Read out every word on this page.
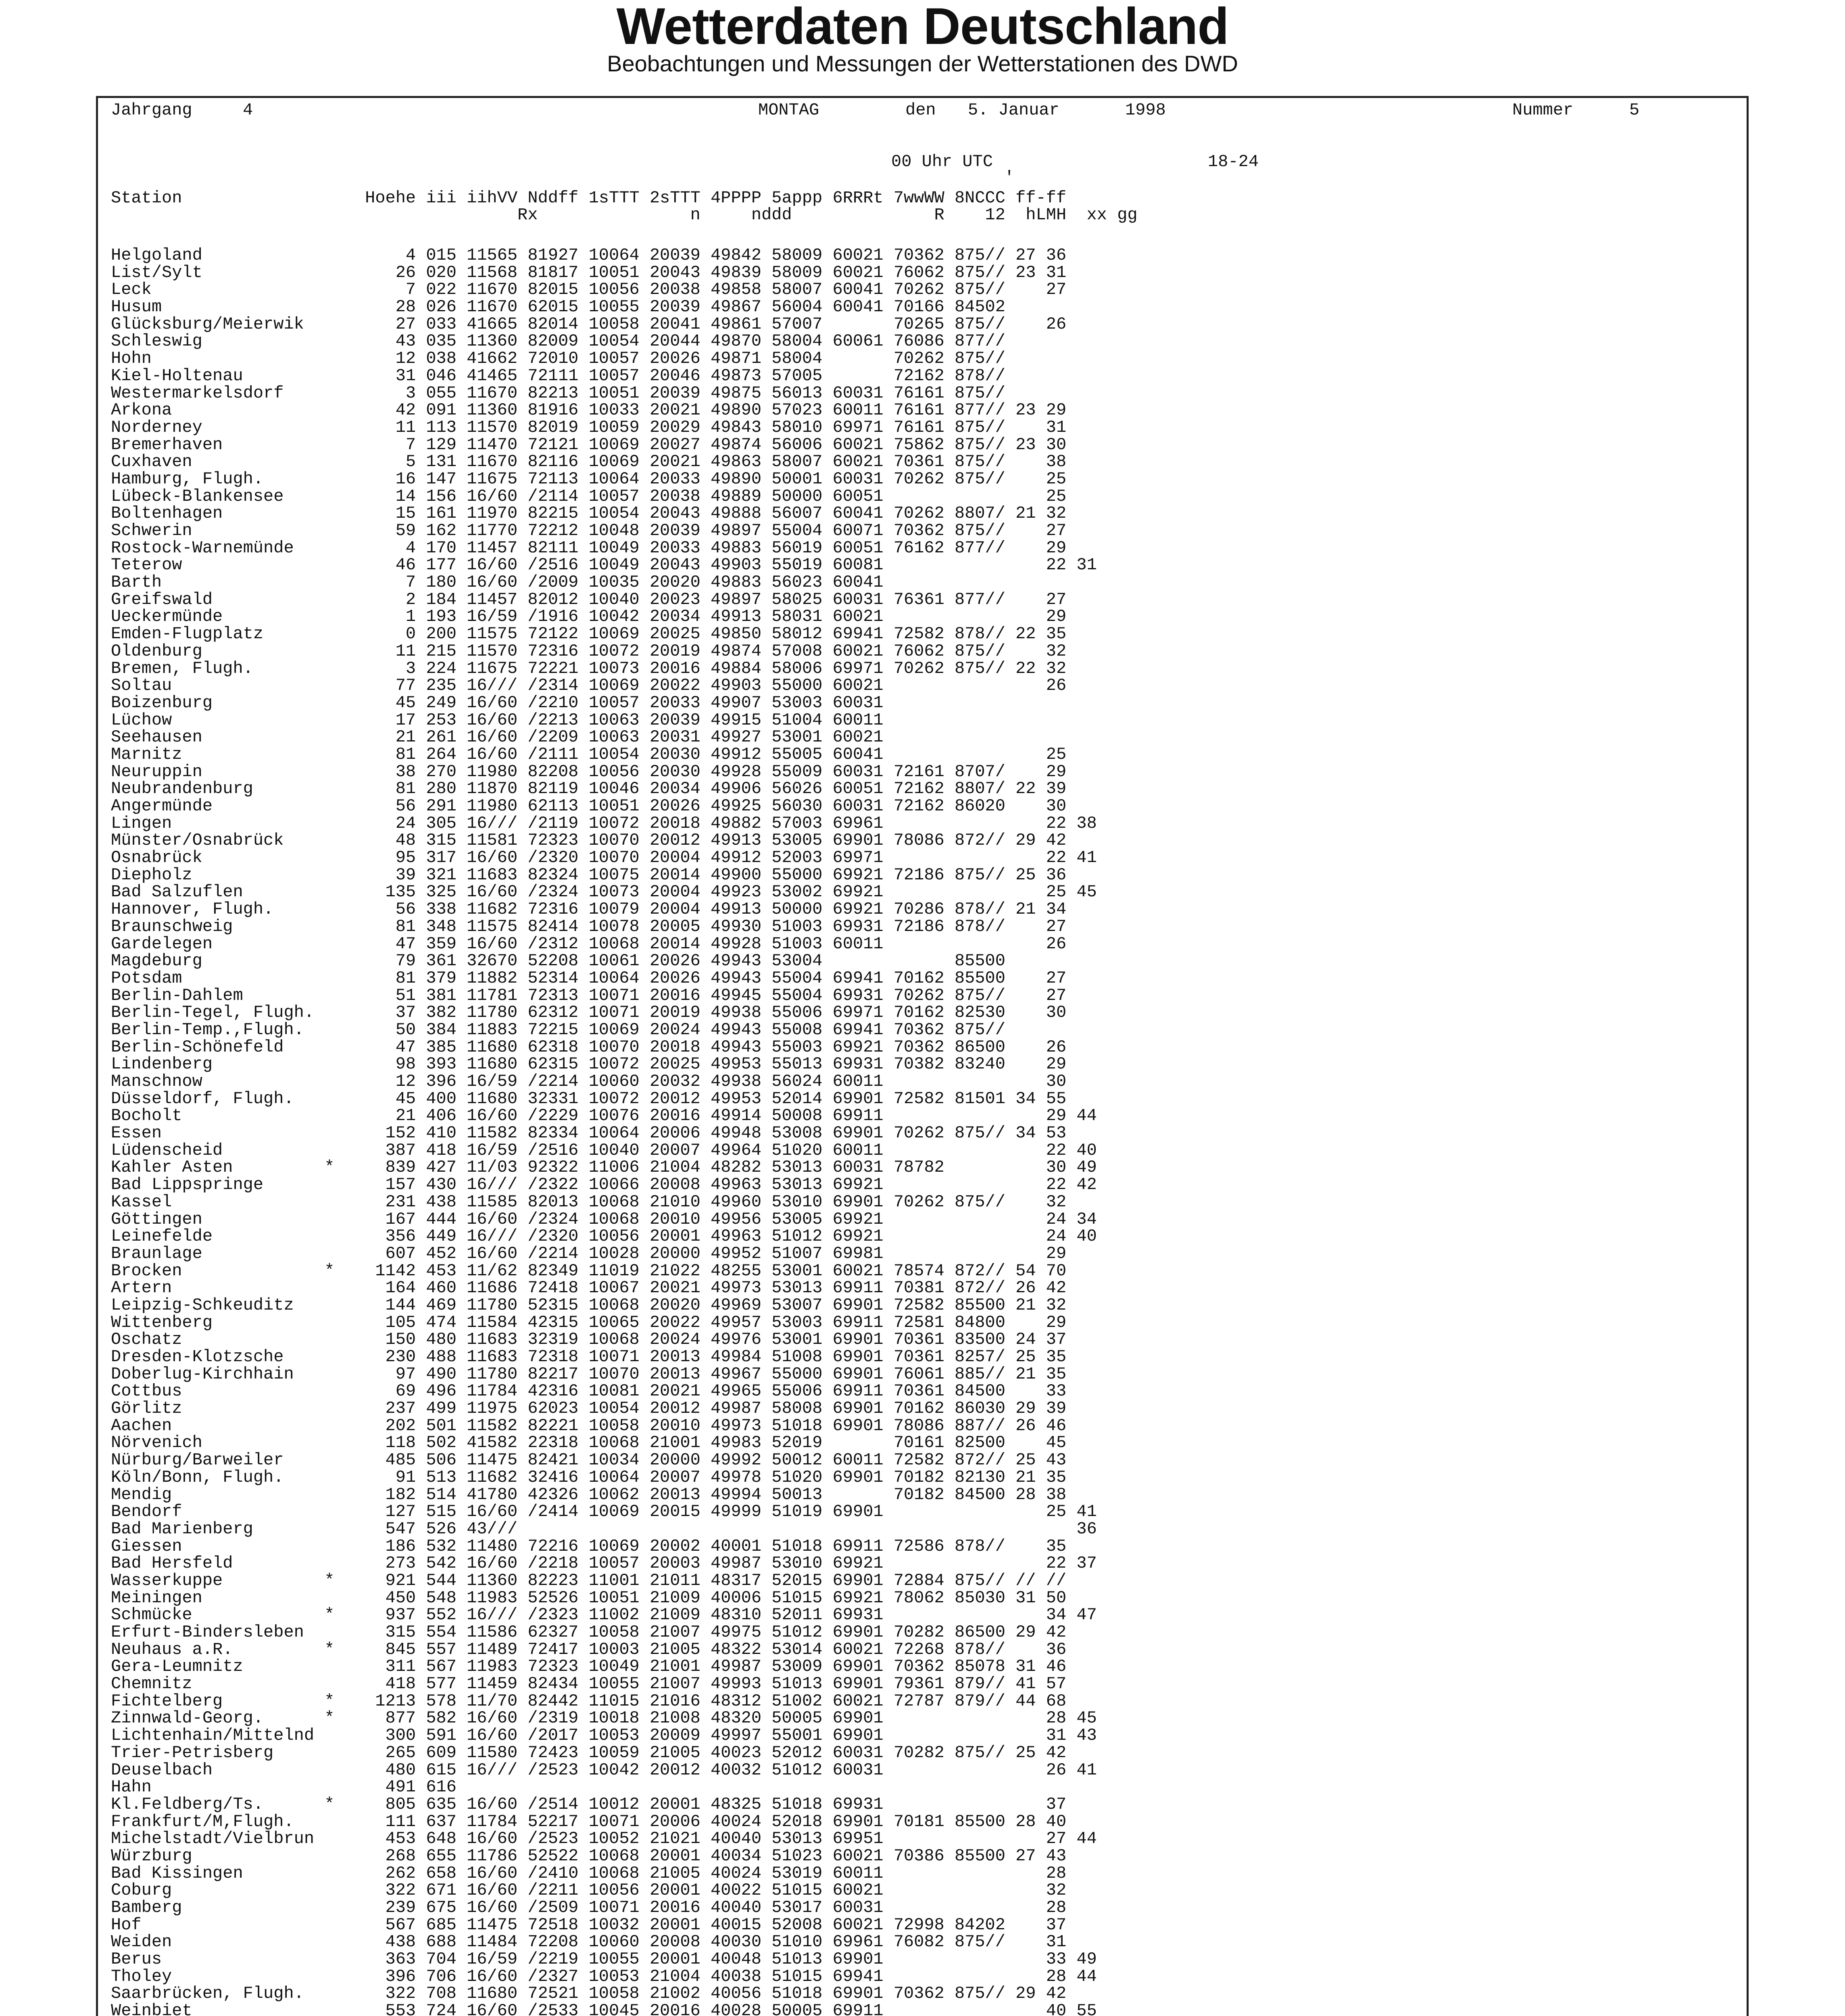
Wetterdaten Deutschland
Beobachtungen und Messungen der Wetterstationen des DWD
Jahrgang	4	MONTAG	den 5. Januar	1998	Nummer	5
00 Uhr UTC
'
18-24
Station                  Hoehe iii iihVV Nddff 1sTTT 2sTTT 4PPPP 5appp 6RRRt 7wwWW 8NCCC ff-ff
Rx               n     nddd              R    12  hLMH  xx gg
Helgoland                    4 015 11565 81927 10064 20039 49842 58009 60021 70362 875// 27 36
List/Sylt                   26 020 11568 81817 10051 20043 49839 58009 60021 76062 875// 23 31
Leck                         7 022 11670 82015 10056 20038 49858 58007 60041 70262 875//    27
Husum                       28 026 11670 62015 10055 20039 49867 56004 60041 70166 84502
Glücksburg/Meierwik         27 033 41665 82014 10058 20041 49861 57007       70265 875//    26
Schleswig                   43 035 11360 82009 10054 20044 49870 58004 60061 76086 877//
Hohn                        12 038 41662 72010 10057 20026 49871 58004       70262 875//
Kiel-Holtenau               31 046 41465 72111 10057 20046 49873 57005       72162 878//
Westermarkelsdorf            3 055 11670 82213 10051 20039 49875 56013 60031 76161 875//
Arkona                      42 091 11360 81916 10033 20021 49890 57023 60011 76161 877// 23 29
Norderney                   11 113 11570 82019 10059 20029 49843 58010 69971 76161 875//    31
Bremerhaven                  7 129 11470 72121 10069 20027 49874 56006 60021 75862 875// 23 30
Cuxhaven                     5 131 11670 82116 10069 20021 49863 58007 60021 70361 875//    38
Hamburg, Flugh.             16 147 11675 72113 10064 20033 49890 50001 60031 70262 875//    25
Lübeck-Blankensee           14 156 16/60 /2114 10057 20038 49889 50000 60051                25
Boltenhagen                 15 161 11970 82215 10054 20043 49888 56007 60041 70262 8807/ 21 32
Schwerin                    59 162 11770 72212 10048 20039 49897 55004 60071 70362 875//    27
Rostock-Warnemünde           4 170 11457 82111 10049 20033 49883 56019 60051 76162 877//    29
Teterow                     46 177 16/60 /2516 10049 20043 49903 55019 60081                22 31
Barth                        7 180 16/60 /2009 10035 20020 49883 56023 60041
Greifswald                   2 184 11457 82012 10040 20023 49897 58025 60031 76361 877//    27
Ueckermünde                  1 193 16/59 /1916 10042 20034 49913 58031 60021                29
Emden-Flugplatz              0 200 11575 72122 10069 20025 49850 58012 69941 72582 878// 22 35
Oldenburg                   11 215 11570 72316 10072 20019 49874 57008 60021 76062 875//    32
Bremen, Flugh.               3 224 11675 72221 10073 20016 49884 58006 69971 70262 875// 22 32
Soltau                      77 235 16/// /2314 10069 20022 49903 55000 60021                26
Boizenburg                  45 249 16/60 /2210 10057 20033 49907 53003 60031
Lüchow                      17 253 16/60 /2213 10063 20039 49915 51004 60011
Seehausen                   21 261 16/60 /2209 10063 20031 49927 53001 60021
Marnitz                     81 264 16/60 /2111 10054 20030 49912 55005 60041                25
Neuruppin                   38 270 11980 82208 10056 20030 49928 55009 60031 72161 8707/    29
Neubrandenburg              81 280 11870 82119 10046 20034 49906 56026 60051 72162 8807/ 22 39
Angermünde                  56 291 11980 62113 10051 20026 49925 56030 60031 72162 86020    30
Lingen                      24 305 16/// /2119 10072 20018 49882 57003 69961                22 38
Münster/Osnabrück           48 315 11581 72323 10070 20012 49913 53005 69901 78086 872// 29 42
Osnabrück                   95 317 16/60 /2320 10070 20004 49912 52003 69971                22 41
Diepholz                    39 321 11683 82324 10075 20014 49900 55000 69921 72186 875// 25 36
Bad Salzuflen              135 325 16/60 /2324 10073 20004 49923 53002 69921                25 45
Hannover, Flugh.            56 338 11682 72316 10079 20004 49913 50000 69921 70286 878// 21 34
Braunschweig                81 348 11575 82414 10078 20005 49930 51003 69931 72186 878//    27
Gardelegen                  47 359 16/60 /2312 10068 20014 49928 51003 60011                26
Magdeburg                   79 361 32670 52208 10061 20026 49943 53004             85500
Potsdam                     81 379 11882 52314 10064 20026 49943 55004 69941 70162 85500    27
Berlin-Dahlem               51 381 11781 72313 10071 20016 49945 55004 69931 70262 875//    27
Berlin-Tegel, Flugh.        37 382 11780 62312 10071 20019 49938 55006 69971 70162 82530    30
Berlin-Temp.,Flugh.         50 384 11883 72215 10069 20024 49943 55008 69941 70362 875//
Berlin-Schönefeld           47 385 11680 62318 10070 20018 49943 55003 69921 70362 86500    26
Lindenberg                  98 393 11680 62315 10072 20025 49953 55013 69931 70382 83240    29
Manschnow                   12 396 16/59 /2214 10060 20032 49938 56024 60011                30
Düsseldorf, Flugh.          45 400 11680 32331 10072 20012 49953 52014 69901 72582 81501 34 55
Bocholt                     21 406 16/60 /2229 10076 20016 49914 50008 69911                29 44
Essen                      152 410 11582 82334 10064 20006 49948 53008 69901 70262 875// 34 53
Lüdenscheid                387 418 16/59 /2516 10040 20007 49964 51020 60011                22 40
Kahler Asten         *     839 427 11/03 92322 11006 21004 48282 53013 60031 78782          30 49
Bad Lippspringe            157 430 16/// /2322 10066 20008 49963 53013 69921                22 42
Kassel                     231 438 11585 82013 10068 21010 49960 53010 69901 70262 875//    32
Göttingen                  167 444 16/60 /2324 10068 20010 49956 53005 69921                24 34
Leinefelde                 356 449 16/// /2320 10056 20001 49963 51012 69921                24 40
Braunlage                  607 452 16/60 /2214 10028 20000 49952 51007 69981                29
Brocken              *    1142 453 11/62 82349 11019 21022 48255 53001 60021 78574 872// 54 70
Artern                     164 460 11686 72418 10067 20021 49973 53013 69911 70381 872// 26 42
Leipzig-Schkeuditz         144 469 11780 52315 10068 20020 49969 53007 69901 72582 85500 21 32
Wittenberg                 105 474 11584 42315 10065 20022 49957 53003 69911 72581 84800    29
Oschatz                    150 480 11683 32319 10068 20024 49976 53001 69901 70361 83500 24 37
Dresden-Klotzsche          230 488 11683 72318 10071 20013 49984 51008 69901 70361 8257/ 25 35
Doberlug-Kirchhain          97 490 11780 82217 10070 20013 49967 55000 69901 76061 885// 21 35
Cottbus                     69 496 11784 42316 10081 20021 49965 55006 69911 70361 84500    33
Görlitz                    237 499 11975 62023 10054 20012 49987 58008 69901 70162 86030 29 39
Aachen                     202 501 11582 82221 10058 20010 49973 51018 69901 78086 887// 26 46
Nörvenich                  118 502 41582 22318 10068 21001 49983 52019       70161 82500    45
Nürburg/Barweiler          485 506 11475 82421 10034 20000 49992 50012 60011 72582 872// 25 43
Köln/Bonn, Flugh.           91 513 11682 32416 10064 20007 49978 51020 69901 70182 82130 21 35
Mendig                     182 514 41780 42326 10062 20013 49994 50013       70182 84500 28 38
Bendorf                    127 515 16/60 /2414 10069 20015 49999 51019 69901                25 41
Bad Marienberg             547 526 43///                                                       36
Giessen                    186 532 11480 72216 10069 20002 40001 51018 69911 72586 878//    35
Bad Hersfeld               273 542 16/60 /2218 10057 20003 49987 53010 69921                22 37
Wasserkuppe          *     921 544 11360 82223 11001 21011 48317 52015 69901 72884 875// // //
Meiningen                  450 548 11983 52526 10051 21009 40006 51015 69921 78062 85030 31 50
Schmücke             *     937 552 16/// /2323 11002 21009 48310 52011 69931                34 47
Erfurt-Bindersleben        315 554 11586 62327 10058 21007 49975 51012 69901 70282 86500 29 42
Neuhaus a.R.         *     845 557 11489 72417 10003 21005 48322 53014 60021 72268 878//    36
Gera-Leumnitz              311 567 11983 72323 10049 21001 49987 53009 69901 70362 85078 31 46
Chemnitz                   418 577 11459 82434 10055 21007 49993 51013 69901 79361 879// 41 57
Fichtelberg          *    1213 578 11/70 82442 11015 21016 48312 51002 60021 72787 879// 44 68
Zinnwald-Georg.      *     877 582 16/60 /2319 10018 21008 48320 50005 69901                28 45
Lichtenhain/Mittelnd       300 591 16/60 /2017 10053 20009 49997 55001 69901                31 43
Trier-Petrisberg           265 609 11580 72423 10059 21005 40023 52012 60031 70282 875// 25 42
Deuselbach                 480 615 16/// /2523 10042 20012 40032 51012 60031                26 41
Hahn                       491 616
Kl.Feldberg/Ts.      *     805 635 16/60 /2514 10012 20001 48325 51018 69931                37
Frankfurt/M,Flugh.         111 637 11784 52217 10071 20006 40024 52018 69901 70181 85500 28 40
Michelstadt/Vielbrun       453 648 16/60 /2523 10052 21021 40040 53013 69951                27 44
Würzburg                   268 655 11786 52522 10068 20001 40034 51023 60021 70386 85500 27 43
Bad Kissingen              262 658 16/60 /2410 10068 21005 40024 53019 60011                28
Coburg                     322 671 16/60 /2211 10056 20001 40022 51015 60021                32
Bamberg                    239 675 16/60 /2509 10071 20016 40040 53017 60031                28
Hof                        567 685 11475 72518 10032 20001 40015 52008 60021 72998 84202    37
Weiden                     438 688 11484 72208 10060 20008 40030 51010 69961 76082 875//    31
Berus                      363 704 16/59 /2219 10055 20001 40048 51013 69901                33 49
Tholey                     396 706 16/60 /2327 10053 21004 40038 51015 69941                28 44
Saarbrücken, Flugh.        322 708 11680 72521 10058 21002 40056 51018 69901 70362 875// 29 42
Weinbiet                   553 724 16/60 /2533 10045 20016 40028 50005 69911                40 55
